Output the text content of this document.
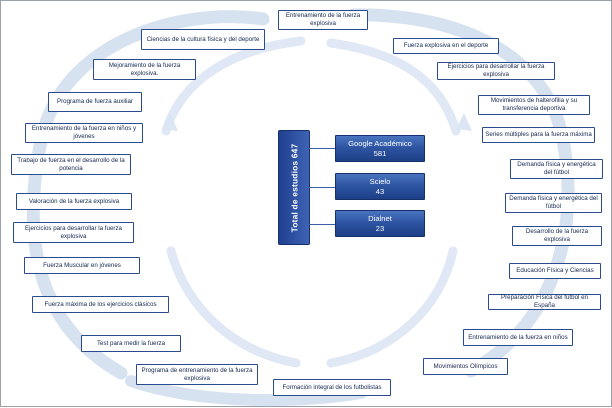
Total de estudios 647	Google Académico
581
Scielo
43
Dialnet
23
Entrenamiento de la fuerza explosiva
Ciencias de la cultura física y del deporte
Fuerza explosiva en el deporte
Mejoramiento de la fuerza explosiva.
Ejercicios para desarrollar la fuerza explosiva
Programa de fuerza auxiliar	Movimientos de halterofilia y su transferencia deportiva
Entrenamiento de la fuerza en niños y jóvenes	Series múltiples para la fuerza máxima
Trabajo de fuerza en el desarrollo de la potencia	Demanda física y energética del fútbol
Valoración de la fuerza explosiva	Demanda física y energética del fútbol
Ejercicios para desarrollar la fuerza explosiva
Desarrollo de la fuerza explosiva
Fuerza Muscular en jóvenes
Educación Física y Ciencias
Fuerza máxima de los ejercicios clásicos
Preparación Física del fútbol en España
Test para medir la fuerza
Entrenamiento de la fuerza en niños
Programa de entrenamiento de la fuerza explosiva
Movimientos Olímpicos
Formación integral de los futbolistas
